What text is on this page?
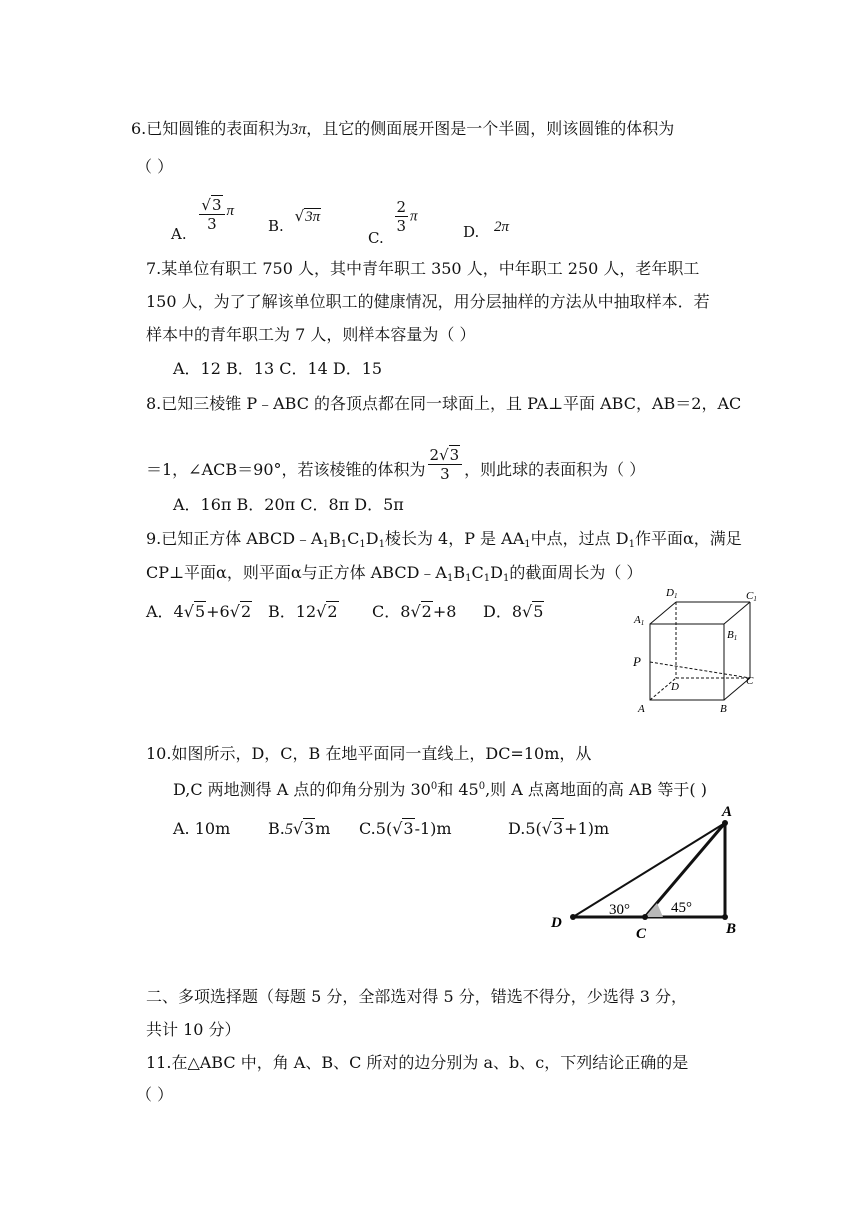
6.已知圆锥的表面积为3π，且它的侧面展开图是一个半圆，则该圆锥的体积为
（ ）
A.
$\frac{√3}{3}$ π
B. √3π
C.
$\frac{2}{3}$ π
D. 2π
7.某单位有职工 750 人，其中青年职工 350 人，中年职工 250 人，老年职工
150 人，为了了解该单位职工的健康情况，用分层抽样的方法从中抽取样本．若
样本中的青年职工为 7 人，则样本容量为（ ）
A．12 B．13 C．14 D．15
8.已知三棱锥 P﹣ABC 的各顶点都在同一球面上，且 PA⊥平面 ABC，AB＝2，AC
＝1，∠ACB＝90°，若该棱锥的体积为 $\frac{2√3}{3}$ ，则此球的表面积为（ ）
A．16π B．20π C．8π D．5π
9.已知正方体 $ABCD﹣A_1B_1C_1D_1$棱长为 4，P 是 $AA_1$中点，过点 $D_1$作平面α，满足
CP⊥平面α，则平面α与正方体 $ABCD﹣A_1B_1C_1D_1$的截面周长为（ ）
A．4√5+6√2 B．12√2 C．8√2+8 D．8√5
D1	C1
A1
B1
P
D	C
A	B
10.如图所示，D，C，B 在地平面同一直线上，DC=10m，从
D,C 两地测得 A 点的仰角分别为 $30^0$和 $45^0$,则 A 点离地面的高 AB 等于( )
A. 10m B.5√3m C.5(√3-1)m	D.5(√3+1)m
A
B
C
D
30°	45°
二、多项选择题（每题 5 分，全部选对得 5 分，错选不得分，少选得 3 分，
共计 10 分）
11.在△ABC 中，角 A、B、C 所对的边分别为 a、b、c，下列结论正确的是
（ ）
